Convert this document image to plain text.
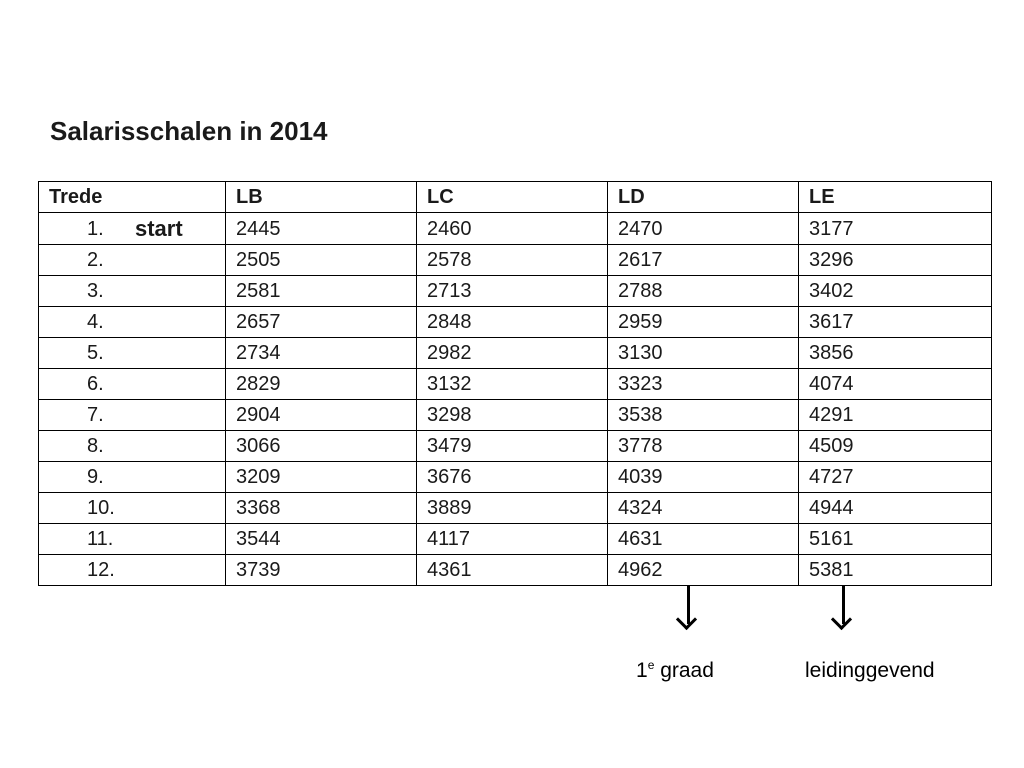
Salarisschalen in 2014
Trede	LB	LC	LD	LE
1. start	2445	2460	2470	3177
2.	2505	2578	2617	3296
3.	2581	2713	2788	3402
4.	2657	2848	2959	3617
5.	2734	2982	3130	3856
6.	2829	3132	3323	4074
7.	2904	3298	3538	4291
8.	3066	3479	3778	4509
9.	3209	3676	4039	4727
10.	3368	3889	4324	4944
11.	3544	4117	4631	5161
12.	3739	4361	4962	5381
1e graad	leidinggevend
